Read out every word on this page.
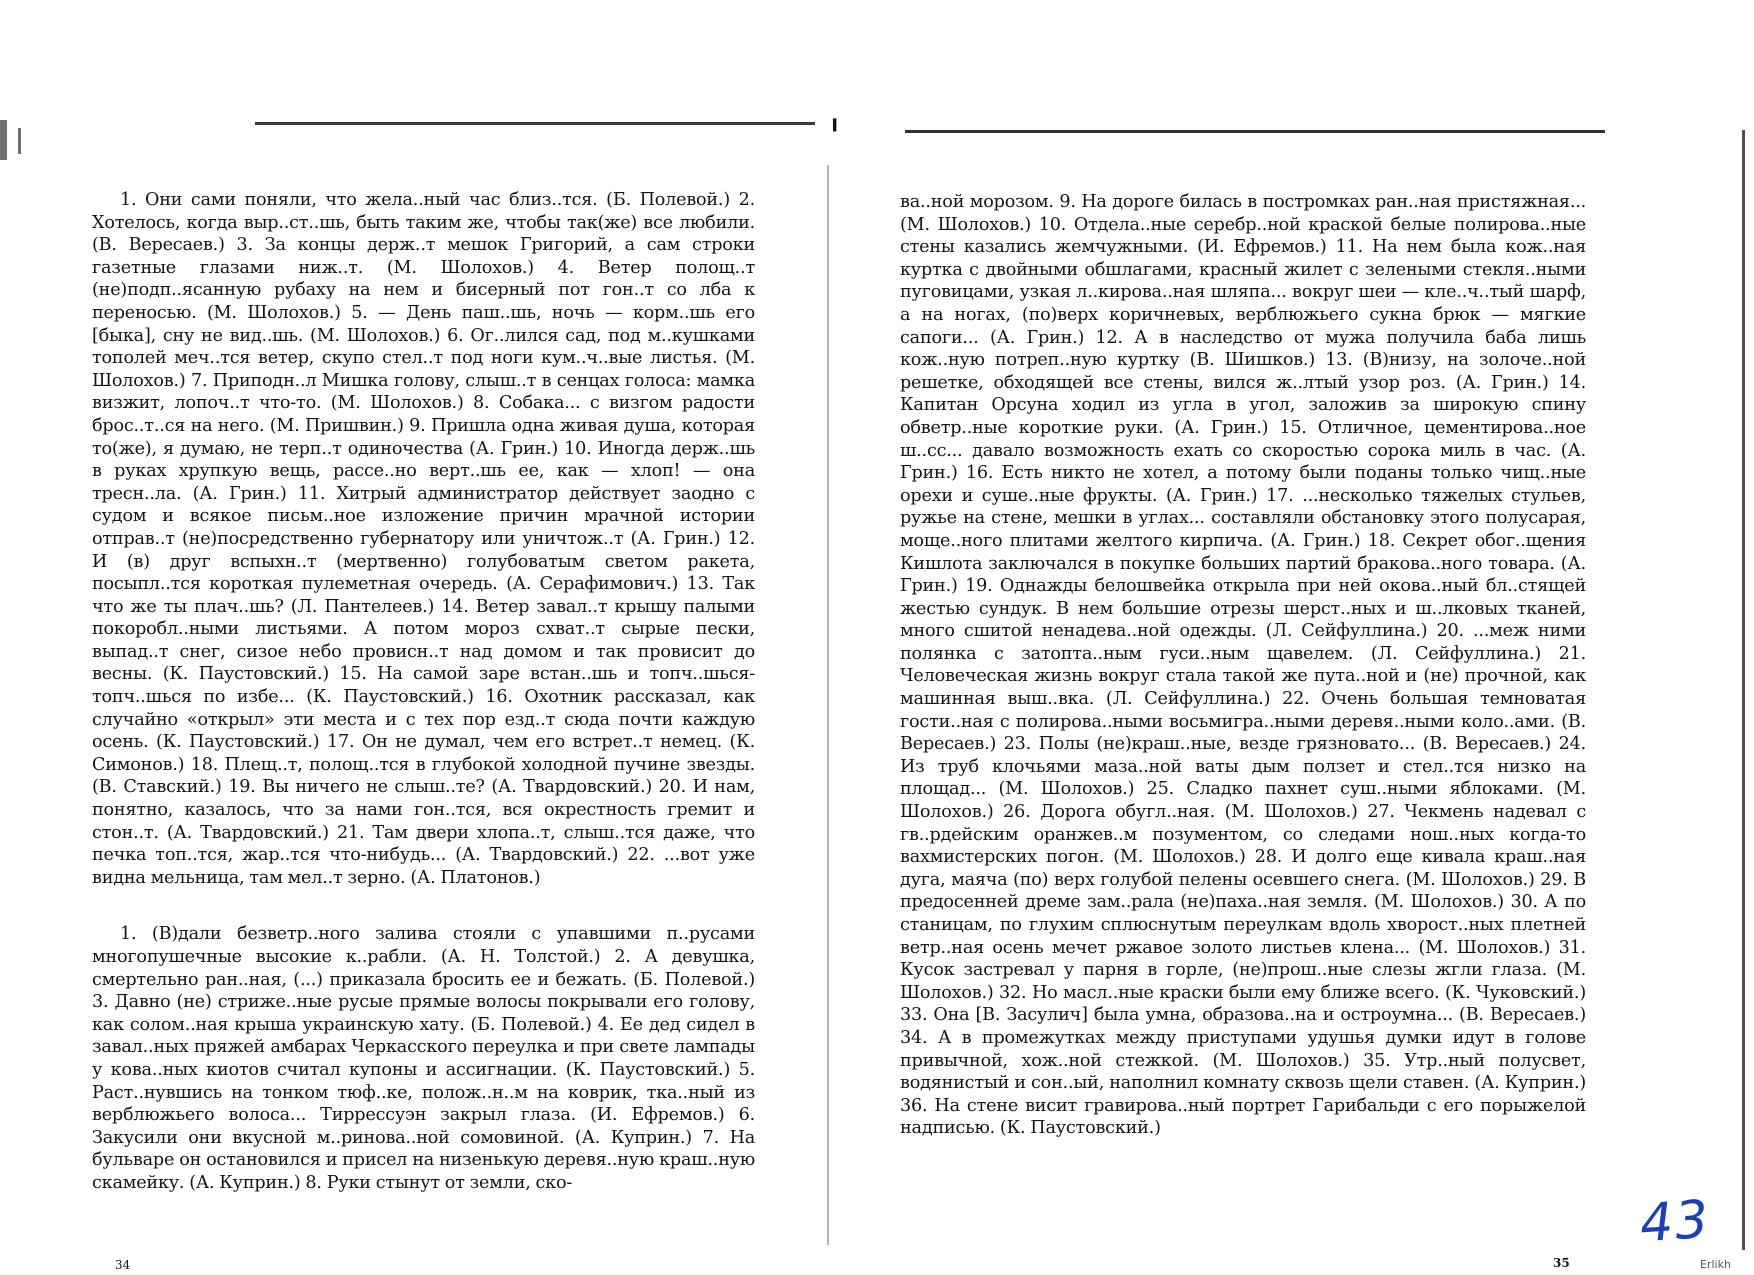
╹

1. Они сами поняли, что жела..ный час близ..тся. (Б. Полевой.) 2. Хотелось, когда выр..ст..шь, быть таким же, чтобы так(же) все любили. (В. Вересаев.) 3. За концы держ..т мешок Григорий, а сам строки газетные глазами ниж..т. (М. Шолохов.) 4. Ветер полощ..т (не)подп..ясанную рубаху на нем и бисерный пот гон..т со лба к переносью. (М. Шолохов.) 5. — День паш..шь, ночь — корм..шь его [быка], сну не вид..шь. (М. Шолохов.) 6. Ог..лился сад, под м..кушками тополей меч..тся ветер, скупо стел..т под ноги кум..ч..вые листья. (М. Шолохов.) 7. Приподн..л Мишка голову, слыш..т в сенцах голоса: мамка визжит, лопоч..т что-то. (М. Шолохов.) 8. Собака... с визгом радости брос..т..ся на него. (М. Пришвин.) 9. Пришла одна живая душа, которая то(же), я думаю, не терп..т одиночества (А. Грин.) 10. Иногда держ..шь в руках хрупкую вещь, рассе..но верт..шь ее, как — хлоп! — она тресн..ла. (А. Грин.) 11. Хитрый администратор действует заодно с судом и всякое письм..ное изложение причин мрачной истории отправ..т (не)посредственно губернатору или уничтож..т (А. Грин.) 12. И (в) друг вспыхн..т (мертвенно) голубоватым светом ракета, посыпл..тся короткая пулеметная очередь. (А. Серафимович.) 13. Так что же ты плач..шь? (Л. Пантелеев.) 14. Ветер завал..т крышу палыми покоробл..ными листьями. А потом мороз схват..т сырые пески, выпад..т снег, сизое небо провисн..т над домом и так провисит до весны. (К. Паустовский.) 15. На самой заре встан..шь и топч..шься-топч..шься по избе... (К. Паустовский.) 16. Охотник рассказал, как случайно «открыл» эти места и с тех пор езд..т сюда почти каждую осень. (К. Паустовский.) 17. Он не думал, чем его встрет..т немец. (К. Симонов.) 18. Плещ..т, полощ..тся в глубокой холодной пучине звезды. (В. Ставский.) 19. Вы ничего не слыш..те? (А. Твардовский.) 20. И нам, понятно, казалось, что за нами гон..тся, вся окрестность гремит и стон..т. (А. Твардовский.) 21. Там двери хлопа..т, слыш..тся даже, что печка топ..тся, жар..тся что-нибудь... (А. Твардовский.) 22. ...вот уже видна мельница, там мел..т зерно. (А. Платонов.)

1. (В)дали безветр..ного залива стояли с упавшими п..русами многопушечные высокие к..рабли. (А. Н. Толстой.) 2. А девушка, смертельно ран..ная, (...) приказала бросить ее и бежать. (Б. Полевой.) 3. Давно (не) стриже..ные русые прямые волосы покрывали его голову, как солом..ная крыша украинскую хату. (Б. Полевой.) 4. Ее дед сидел в завал..ных пряжей амбарах Черкасского переулка и при свете лампады у кова..ных киотов считал купоны и ассигнации. (К. Паустовский.) 5. Раст..нувшись на тонком тюф..ке, полож..н..м на коврик, тка..ный из верблюжьего волоса... Тиррессуэн закрыл глаза. (И. Ефремов.) 6. Закусили они вкусной м..ринова..ной сомовиной. (А. Куприн.) 7. На бульваре он остановился и присел на низенькую деревя..ную краш..ную скамейку. (А. Куприн.) 8. Руки стынут от земли, ско-

ва..ной морозом. 9. На дороге билась в постромках ран..ная пристяжная... (М. Шолохов.) 10. Отдела..ные серебр..ной краской белые полирова..ные стены казались жемчужными. (И. Ефремов.) 11. На нем была кож..ная куртка с двойными обшлагами, красный жилет с зелеными стекля..ными пуговицами, узкая л..кирова..ная шляпа... вокруг шеи — кле..ч..тый шарф, а на ногах, (по)верх коричневых, верблюжьего сукна брюк — мягкие сапоги... (А. Грин.) 12. А в наследство от мужа получила баба лишь кож..ную потреп..ную куртку (В. Шишков.) 13. (В)низу, на золоче..ной решетке, обходящей все стены, вился ж..лтый узор роз. (А. Грин.) 14. Капитан Орсуна ходил из угла в угол, заложив за широкую спину обветр..ные короткие руки. (А. Грин.) 15. Отличное, цементирова..ное ш..сс... давало возможность ехать со скоростью сорока миль в час. (А. Грин.) 16. Есть никто не хотел, а потому были поданы только чищ..ные орехи и суше..ные фрукты. (А. Грин.) 17. ...несколько тяжелых стульев, ружье на стене, мешки в углах... составляли обстановку этого полусарая, моще..ного плитами желтого кирпича. (А. Грин.) 18. Секрет обог..щения Кишлота заключался в покупке больших партий бракова..ного товара. (А. Грин.) 19. Однажды белошвейка открыла при ней окова..ный бл..стящей жестью сундук. В нем большие отрезы шерст..ных и ш..лковых тканей, много сшитой ненадева..ной одежды. (Л. Сейфуллина.) 20. ...меж ними полянка с затопта..ным гуси..ным щавелем. (Л. Сейфуллина.) 21. Человеческая жизнь вокруг стала такой же пута..ной и (не) прочной, как машинная выш..вка. (Л. Сейфуллина.) 22. Очень большая темноватая гости..ная с полирова..ными восьмигра..ными деревя..ными коло..ами. (В. Вересаев.) 23. Полы (не)краш..ные, везде грязновато... (В. Вересаев.) 24. Из труб клочьями маза..ной ваты дым ползет и стел..тся низко на площад... (М. Шолохов.) 25. Сладко пахнет суш..ными яблоками. (М. Шолохов.) 26. Дорога обугл..ная. (М. Шолохов.) 27. Чекмень надевал с гв..рдейским оранжев..м позументом, со следами нош..ных когда-то вахмистерских погон. (М. Шолохов.) 28. И долго еще кивала краш..ная дуга, маяча (по) верх голубой пелены осевшего снега. (М. Шолохов.) 29. В предосенней дреме зам..рала (не)паха..ная земля. (М. Шолохов.) 30. А по станицам, по глухим сплюснутым переулкам вдоль хворост..ных плетней ветр..ная осень мечет ржавое золото листьев клена... (М. Шолохов.) 31. Кусок застревал у парня в горле, (не)прош..ные слезы жгли глаза. (М. Шолохов.) 32. Но масл..ные краски были ему ближе всего. (К. Чуковский.) 33. Она [В. Засулич] была умна, образова..на и остроумна... (В. Вересаев.) 34. А в промежутках между приступами удушья думки идут в голове привычной, хож..ной стежкой. (М. Шолохов.) 35. Утр..ный полусвет, водянистый и сон..ый, наполнил комнату сквозь щели ставен. (А. Куприн.) 36. На стене висит гравирова..ный портрет Гарибальди с его порыжелой надписью. (К. Паустовский.)

34	35
43
Erlikh
